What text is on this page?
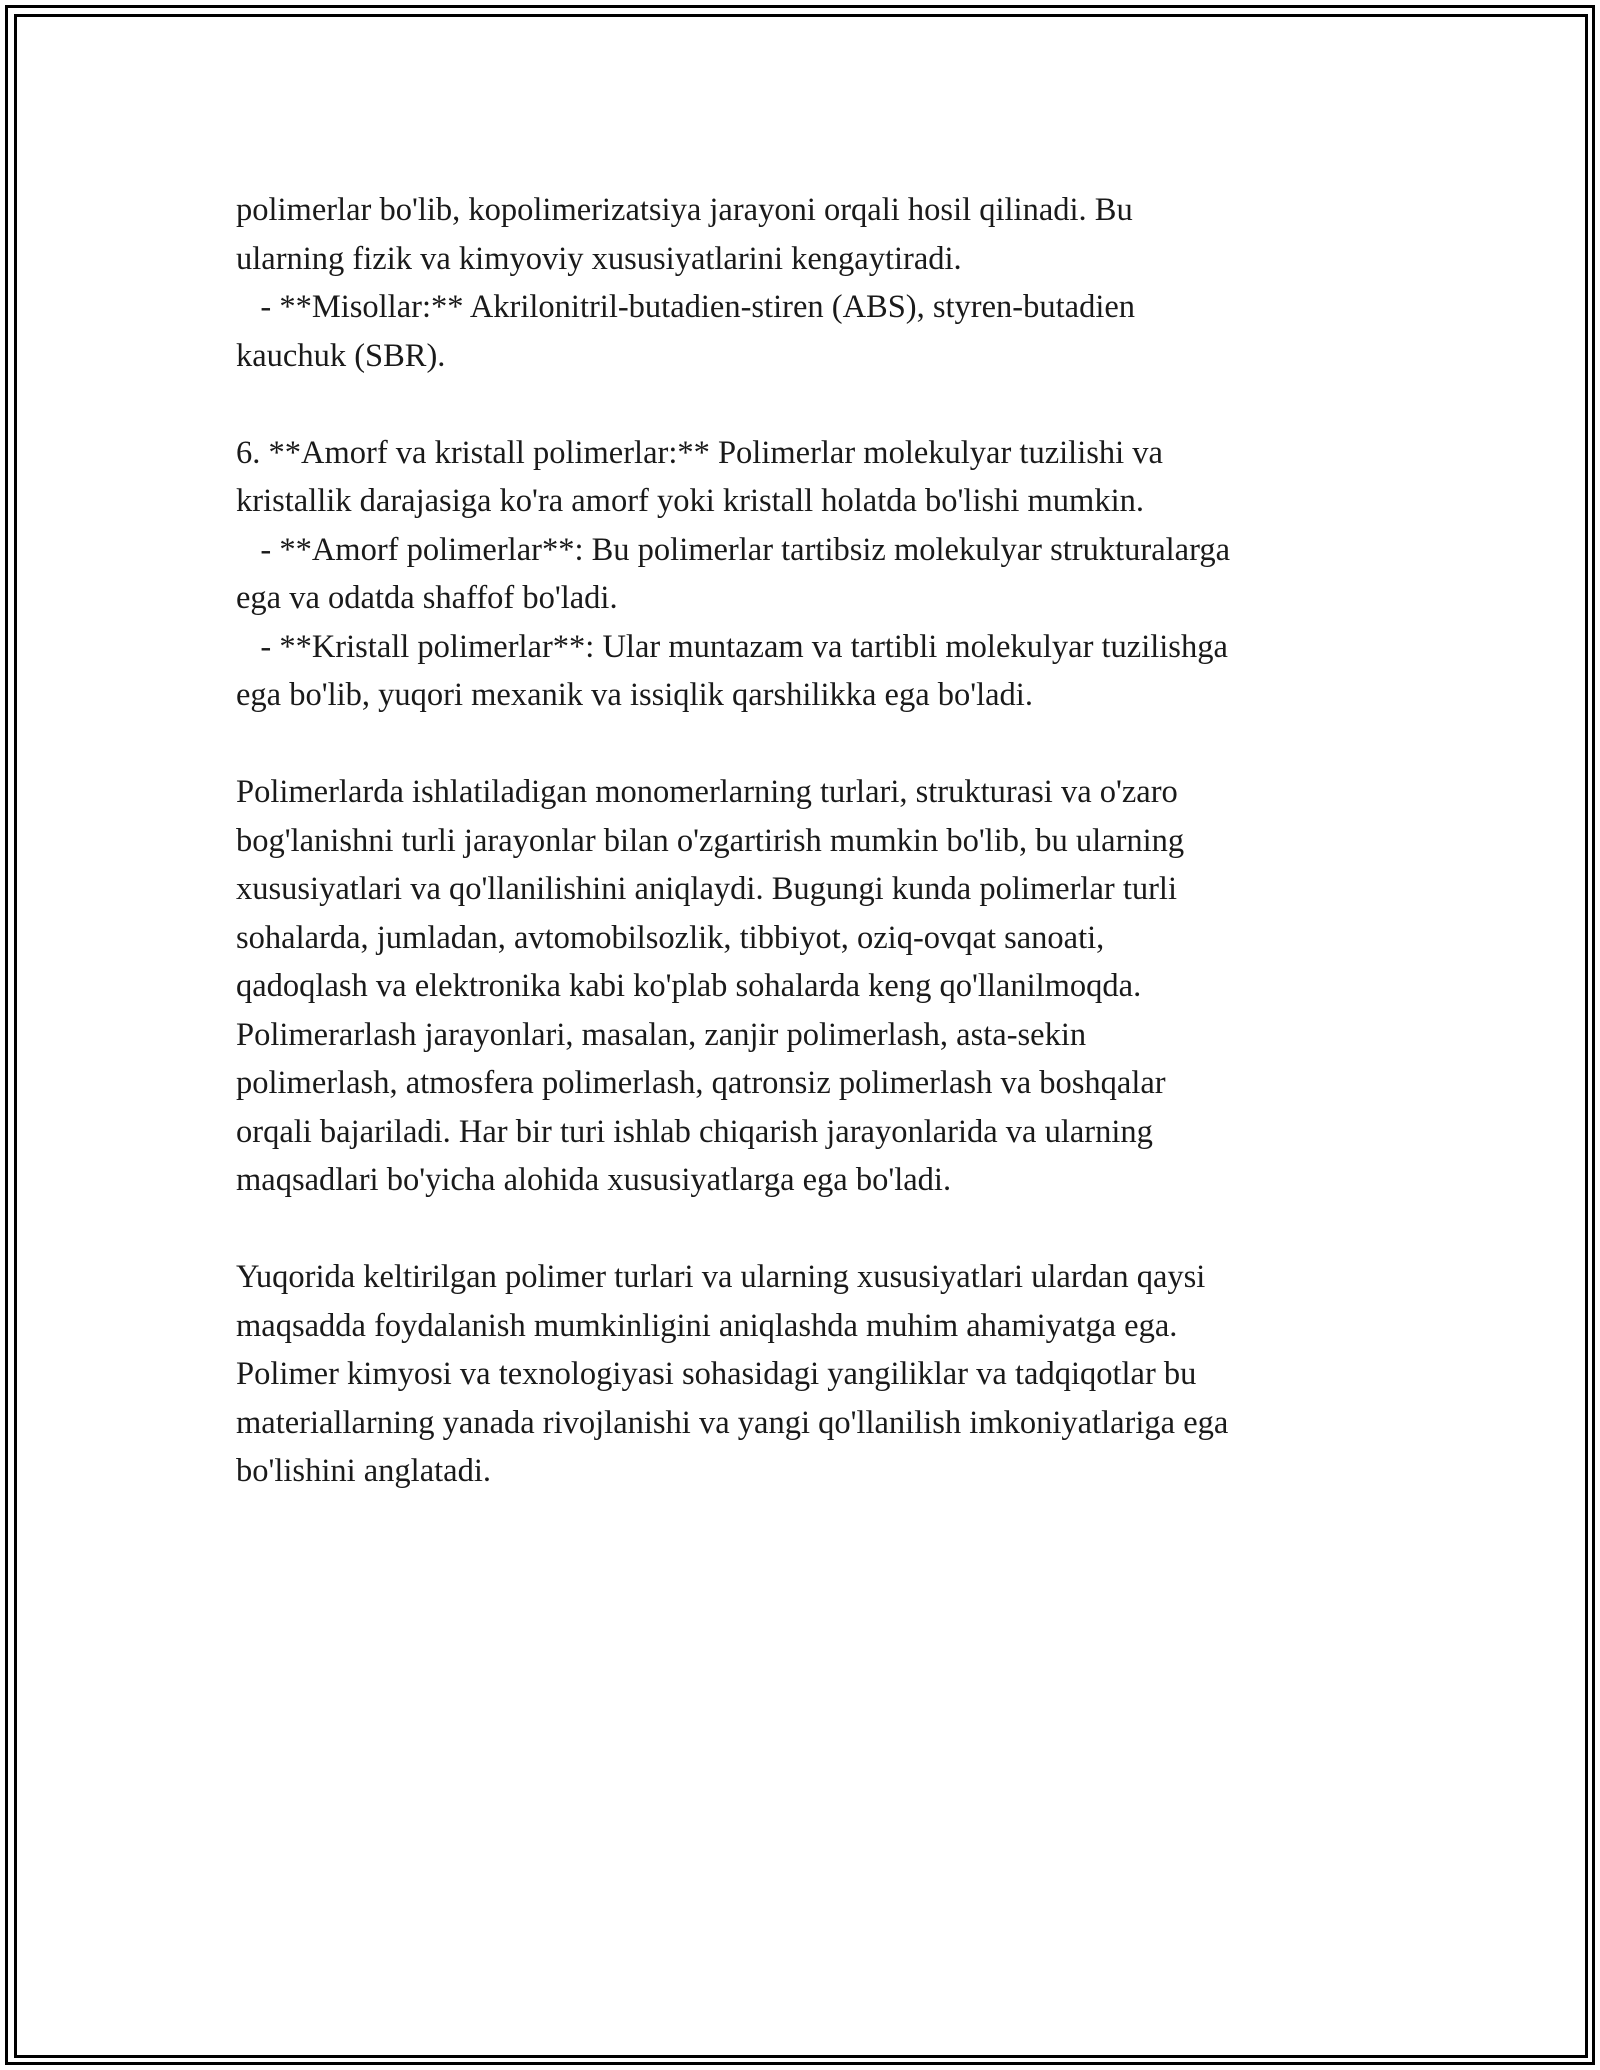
polimerlar bo'lib, kopolimerizatsiya jarayoni orqali hosil qilinadi. Bu
ularning fizik va kimyoviy xususiyatlarini kengaytiradi.
- **Misollar:** Akrilonitril-butadien-stiren (ABS), styren-butadien
kauchuk (SBR).
6. **Amorf va kristall polimerlar:** Polimerlar molekulyar tuzilishi va
kristallik darajasiga ko'ra amorf yoki kristall holatda bo'lishi mumkin.
- **Amorf polimerlar**: Bu polimerlar tartibsiz molekulyar strukturalarga
ega va odatda shaffof bo'ladi.
- **Kristall polimerlar**: Ular muntazam va tartibli molekulyar tuzilishga
ega bo'lib, yuqori mexanik va issiqlik qarshilikka ega bo'ladi.
Polimerlarda ishlatiladigan monomerlarning turlari, strukturasi va o'zaro
bog'lanishni turli jarayonlar bilan o'zgartirish mumkin bo'lib, bu ularning
xususiyatlari va qo'llanilishini aniqlaydi. Bugungi kunda polimerlar turli
sohalarda, jumladan, avtomobilsozlik, tibbiyot, oziq-ovqat sanoati,
qadoqlash va elektronika kabi ko'plab sohalarda keng qo'llanilmoqda.
Polimerarlash jarayonlari, masalan, zanjir polimerlash, asta-sekin
polimerlash, atmosfera polimerlash, qatronsiz polimerlash va boshqalar
orqali bajariladi. Har bir turi ishlab chiqarish jarayonlarida va ularning
maqsadlari bo'yicha alohida xususiyatlarga ega bo'ladi.
Yuqorida keltirilgan polimer turlari va ularning xususiyatlari ulardan qaysi
maqsadda foydalanish mumkinligini aniqlashda muhim ahamiyatga ega.
Polimer kimyosi va texnologiyasi sohasidagi yangiliklar va tadqiqotlar bu
materiallarning yanada rivojlanishi va yangi qo'llanilish imkoniyatlariga ega
bo'lishini anglatadi.
